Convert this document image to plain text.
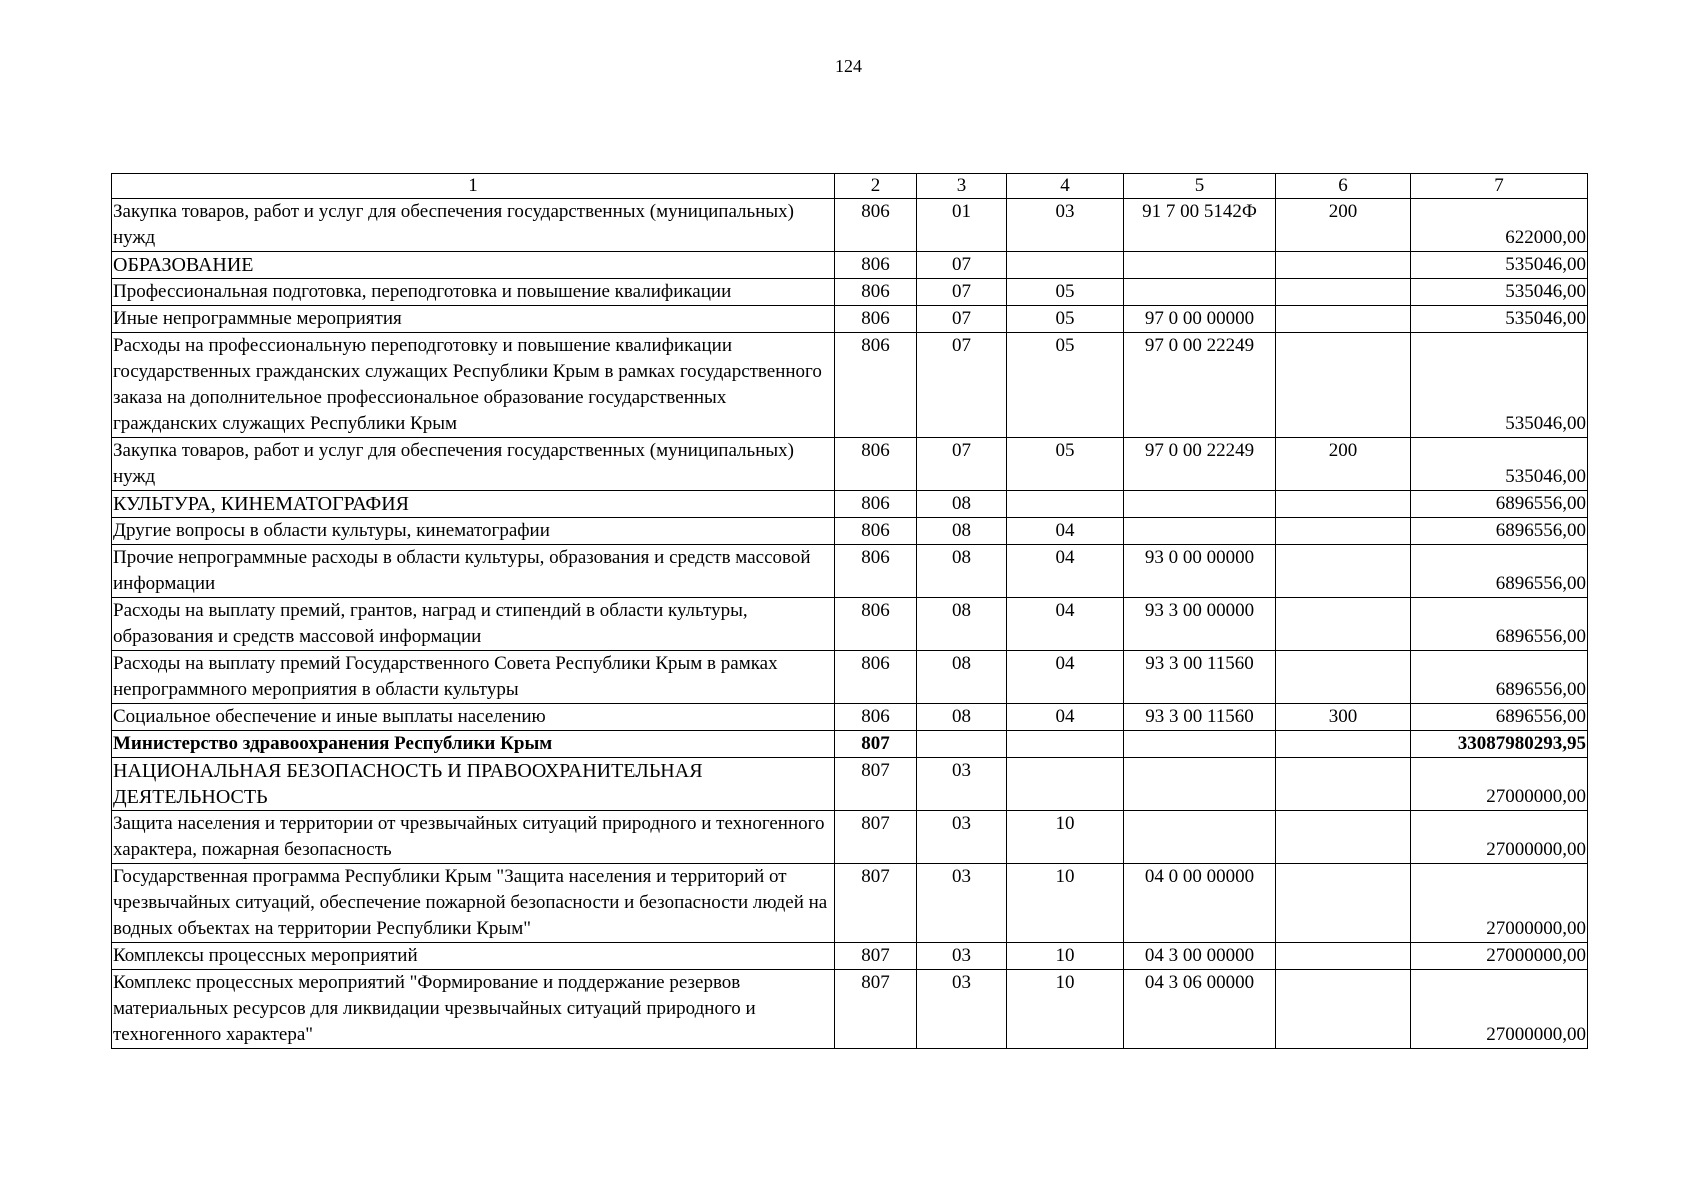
124
1	2	3	4	5	6	7
Закупка товаров, работ и услуг для обеспечения государственных (муниципальных) нужд	806	01	03	91 7 00 5142Ф	200	622000,00
ОБРАЗОВАНИЕ	806	07				535046,00
Профессиональная подготовка, переподготовка и повышение квалификации	806	07	05			535046,00
Иные непрограммные мероприятия	806	07	05	97 0 00 00000		535046,00
Расходы на профессиональную переподготовку и повышение квалификации государственных гражданских служащих Республики Крым в рамках государственного заказа на дополнительное профессиональное образование государственных гражданских служащих Республики Крым	806	07	05	97 0 00 22249		535046,00
Закупка товаров, работ и услуг для обеспечения государственных (муниципальных) нужд	806	07	05	97 0 00 22249	200	535046,00
КУЛЬТУРА, КИНЕМАТОГРАФИЯ	806	08				6896556,00
Другие вопросы в области культуры, кинематографии	806	08	04			6896556,00
Прочие непрограммные расходы в области культуры, образования и средств массовой информации	806	08	04	93 0 00 00000		6896556,00
Расходы на выплату премий, грантов, наград и стипендий в области культуры, образования и средств массовой информации	806	08	04	93 3 00 00000		6896556,00
Расходы на выплату премий Государственного Совета Республики Крым в рамках непрограммного мероприятия в области культуры	806	08	04	93 3 00 11560		6896556,00
Социальное обеспечение и иные выплаты населению	806	08	04	93 3 00 11560	300	6896556,00
Министерство здравоохранения Республики Крым	807					33087980293,95
НАЦИОНАЛЬНАЯ БЕЗОПАСНОСТЬ И ПРАВООХРАНИТЕЛЬНАЯ ДЕЯТЕЛЬНОСТЬ	807	03				27000000,00
Защита населения и территории от чрезвычайных ситуаций природного и техногенного характера, пожарная безопасность	807	03	10			27000000,00
Государственная программа Республики Крым "Защита населения и территорий от чрезвычайных ситуаций, обеспечение пожарной безопасности и безопасности людей на водных объектах на территории Республики Крым"	807	03	10	04 0 00 00000		27000000,00
Комплексы процессных мероприятий	807	03	10	04 3 00 00000		27000000,00
Комплекс процессных мероприятий "Формирование и поддержание резервов материальных ресурсов для ликвидации чрезвычайных ситуаций природного и техногенного характера"	807	03	10	04 3 06 00000		27000000,00
